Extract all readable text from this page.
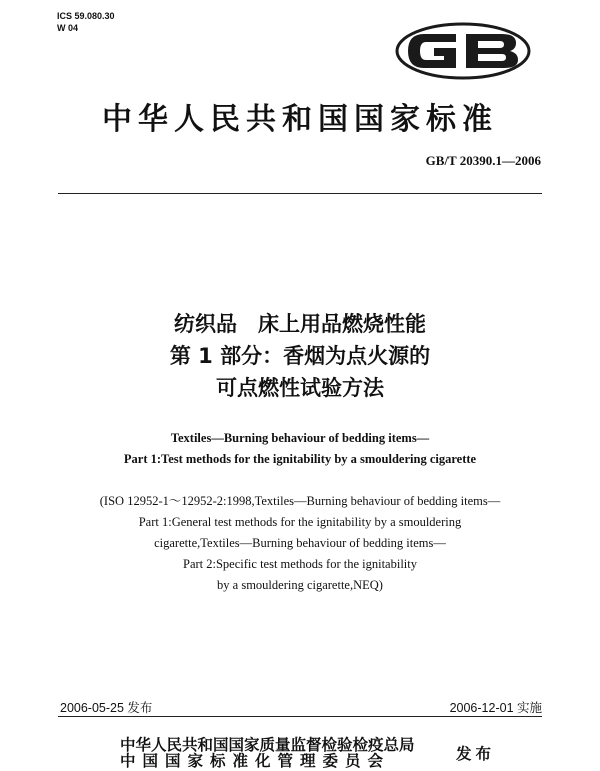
ICS 59.080.30
W 04
中华人民共和国国家标准
GB/T 20390.1—2006
纺织品　床上用品燃烧性能
第 1 部分：香烟为点火源的
可点燃性试验方法
Textiles—Burning behaviour of bedding items—
Part 1:Test methods for the ignitability by a smouldering cigarette
(ISO 12952-1～12952-2:1998,Textiles—Burning behaviour of bedding items—
Part 1:General test methods for the ignitability by a smouldering
cigarette,Textiles—Burning behaviour of bedding items—
Part 2:Specific test methods for the ignitability
by a smouldering cigarette,NEQ)
2006-05-25 发布	2006-12-01 实施
中华人民共和国国家质量监督检验检疫总局
中国国家标准化管理委员会	发布
